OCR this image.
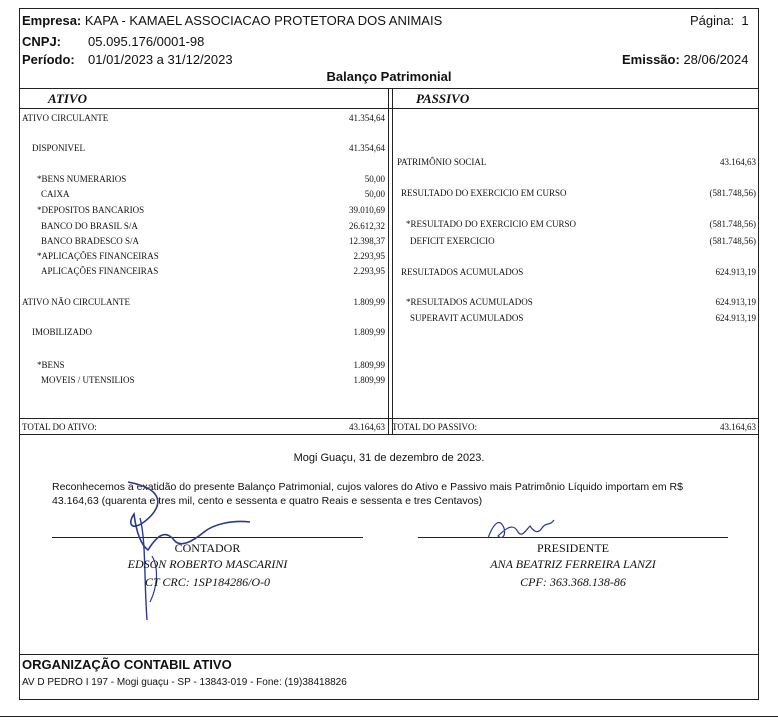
Empresa: KAPA - KAMAEL ASSOCIACAO PROTETORA DOS ANIMAIS	Página: 1
CNPJ: 05.095.176/0001-98
Período: 01/01/2023 a 31/12/2023	Emissão: 28/06/2024
Balanço Patrimonial
ATIVO	PASSIVO
ATIVO CIRCULANTE	41.354,64
DISPONIVEL	41.354,64
*BENS NUMERARIOS	50,00
CAIXA	50,00
*DEPOSITOS BANCARIOS	39.010,69
BANCO DO BRASIL S/A	26.612,32
BANCO BRADESCO S/A	12.398,37
*APLICAÇÕES FINANCEIRAS	2.293,95
APLICAÇÕES FINANCEIRAS	2.293,95
ATIVO NÃO CIRCULANTE	1.809,99
IMOBILIZADO	1.809,99
*BENS	1.809,99
MOVEIS / UTENSILIOS	1.809,99
PATRIMÔNIO SOCIAL	43.164,63
RESULTADO DO EXERCICIO EM CURSO	(581.748,56)
*RESULTADO DO EXERCICIO EM CURSO	(581.748,56)
DEFICIT EXERCICIO	(581.748,56)
RESULTADOS ACUMULADOS	624.913,19
*RESULTADOS ACUMULADOS	624.913,19
SUPERAVIT ACUMULADOS	624.913,19
TOTAL DO ATIVO:	43.164,63 TOTAL DO PASSIVO:	43.164,63
Mogi Guaçu, 31 de dezembro de 2023.
Reconhecemos a exatidão do presente Balanço Patrimonial, cujos valores do Ativo e Passivo mais Patrimônio Líquido importam em R$
43.164,63 (quarenta e tres mil, cento e sessenta e quatro Reais e sessenta e tres Centavos)
CONTADOR
EDSON ROBERTO MASCARINI
CT CRC: 1SP184286/O-0
PRESIDENTE
ANA BEATRIZ FERREIRA LANZI
CPF: 363.368.138-86
ORGANIZAÇÃO CONTABIL ATIVO
AV D PEDRO I 197 - Mogi guaçu - SP - 13843-019 - Fone: (19)38418826
